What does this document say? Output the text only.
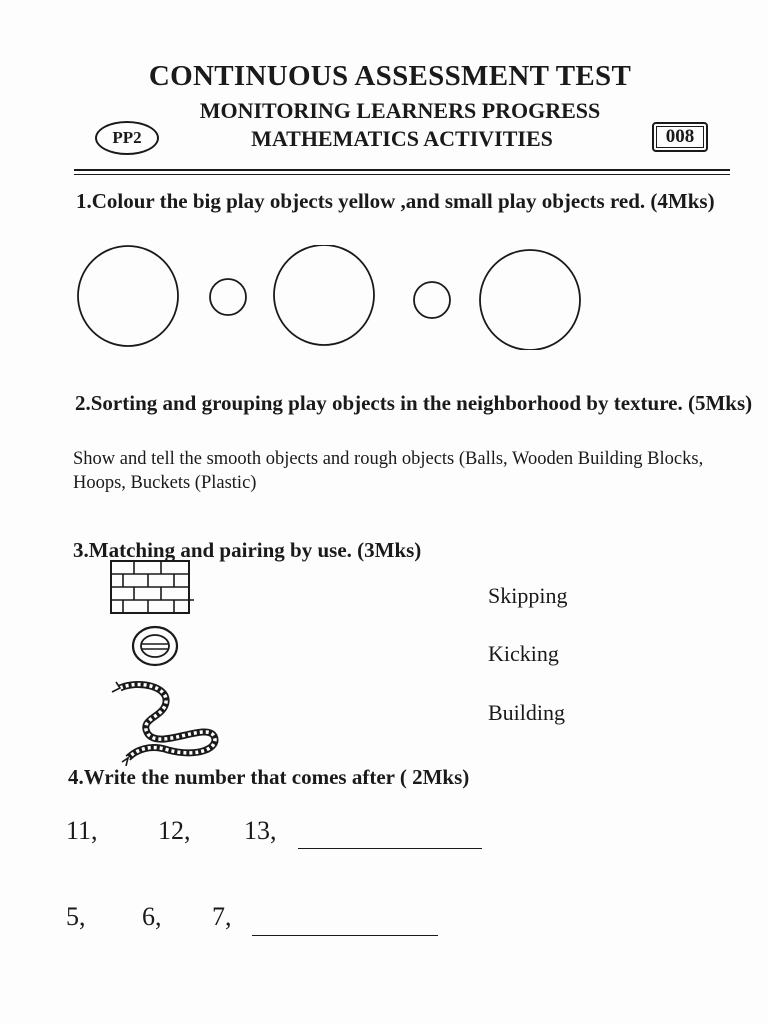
CONTINUOUS ASSESSMENT TEST
MONITORING LEARNERS PROGRESS
MATHEMATICS ACTIVITIES
PP2	008
1.Colour the big play objects yellow ,and small play objects red. (4Mks)
2.Sorting and grouping play objects in the neighborhood by texture. (5Mks)
Show and tell the smooth objects and rough objects (Balls, Wooden Building Blocks, Hoops, Buckets (Plastic)
3.Matching and pairing by use. (3Mks)
Skipping
Kicking
Building
4.Write the number that comes after ( 2Mks)
11, 12, 13,
5, 6, 7,
